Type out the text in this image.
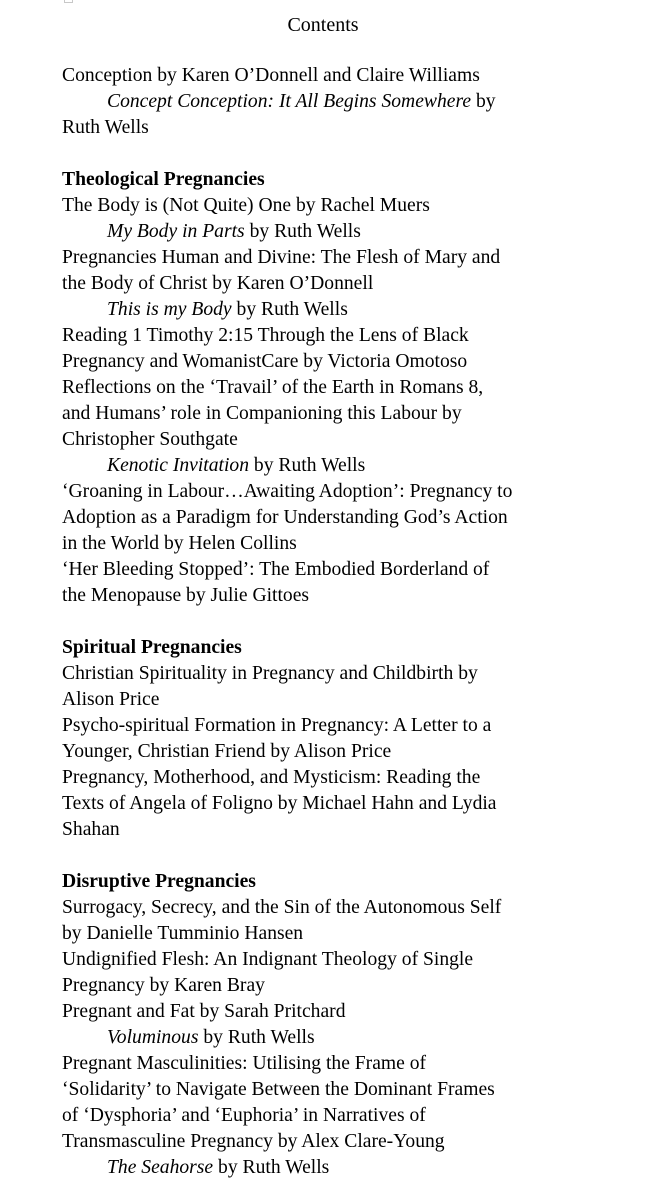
Contents
Conception by Karen O’Donnell and Claire Williams
Concept Conception: It All Begins Somewhere by
Ruth Wells
Theological Pregnancies
The Body is (Not Quite) One by Rachel Muers
My Body in Parts by Ruth Wells
Pregnancies Human and Divine: The Flesh of Mary and
the Body of Christ by Karen O’Donnell
This is my Body by Ruth Wells
Reading 1 Timothy 2:15 Through the Lens of Black
Pregnancy and WomanistCare by Victoria Omotoso
Reflections on the ‘Travail’ of the Earth in Romans 8,
and Humans’ role in Companioning this Labour by
Christopher Southgate
Kenotic Invitation by Ruth Wells
‘Groaning in Labour…Awaiting Adoption’: Pregnancy to
Adoption as a Paradigm for Understanding God’s Action
in the World by Helen Collins
‘Her Bleeding Stopped’: The Embodied Borderland of
the Menopause by Julie Gittoes
Spiritual Pregnancies
Christian Spirituality in Pregnancy and Childbirth by
Alison Price
Psycho-spiritual Formation in Pregnancy: A Letter to a
Younger, Christian Friend by Alison Price
Pregnancy, Motherhood, and Mysticism: Reading the
Texts of Angela of Foligno by Michael Hahn and Lydia
Shahan
Disruptive Pregnancies
Surrogacy, Secrecy, and the Sin of the Autonomous Self
by Danielle Tumminio Hansen
Undignified Flesh: An Indignant Theology of Single
Pregnancy by Karen Bray
Pregnant and Fat by Sarah Pritchard
Voluminous by Ruth Wells
Pregnant Masculinities: Utilising the Frame of
‘Solidarity’ to Navigate Between the Dominant Frames
of ‘Dysphoria’ and ‘Euphoria’ in Narratives of
Transmasculine Pregnancy by Alex Clare-Young
The Seahorse by Ruth Wells
